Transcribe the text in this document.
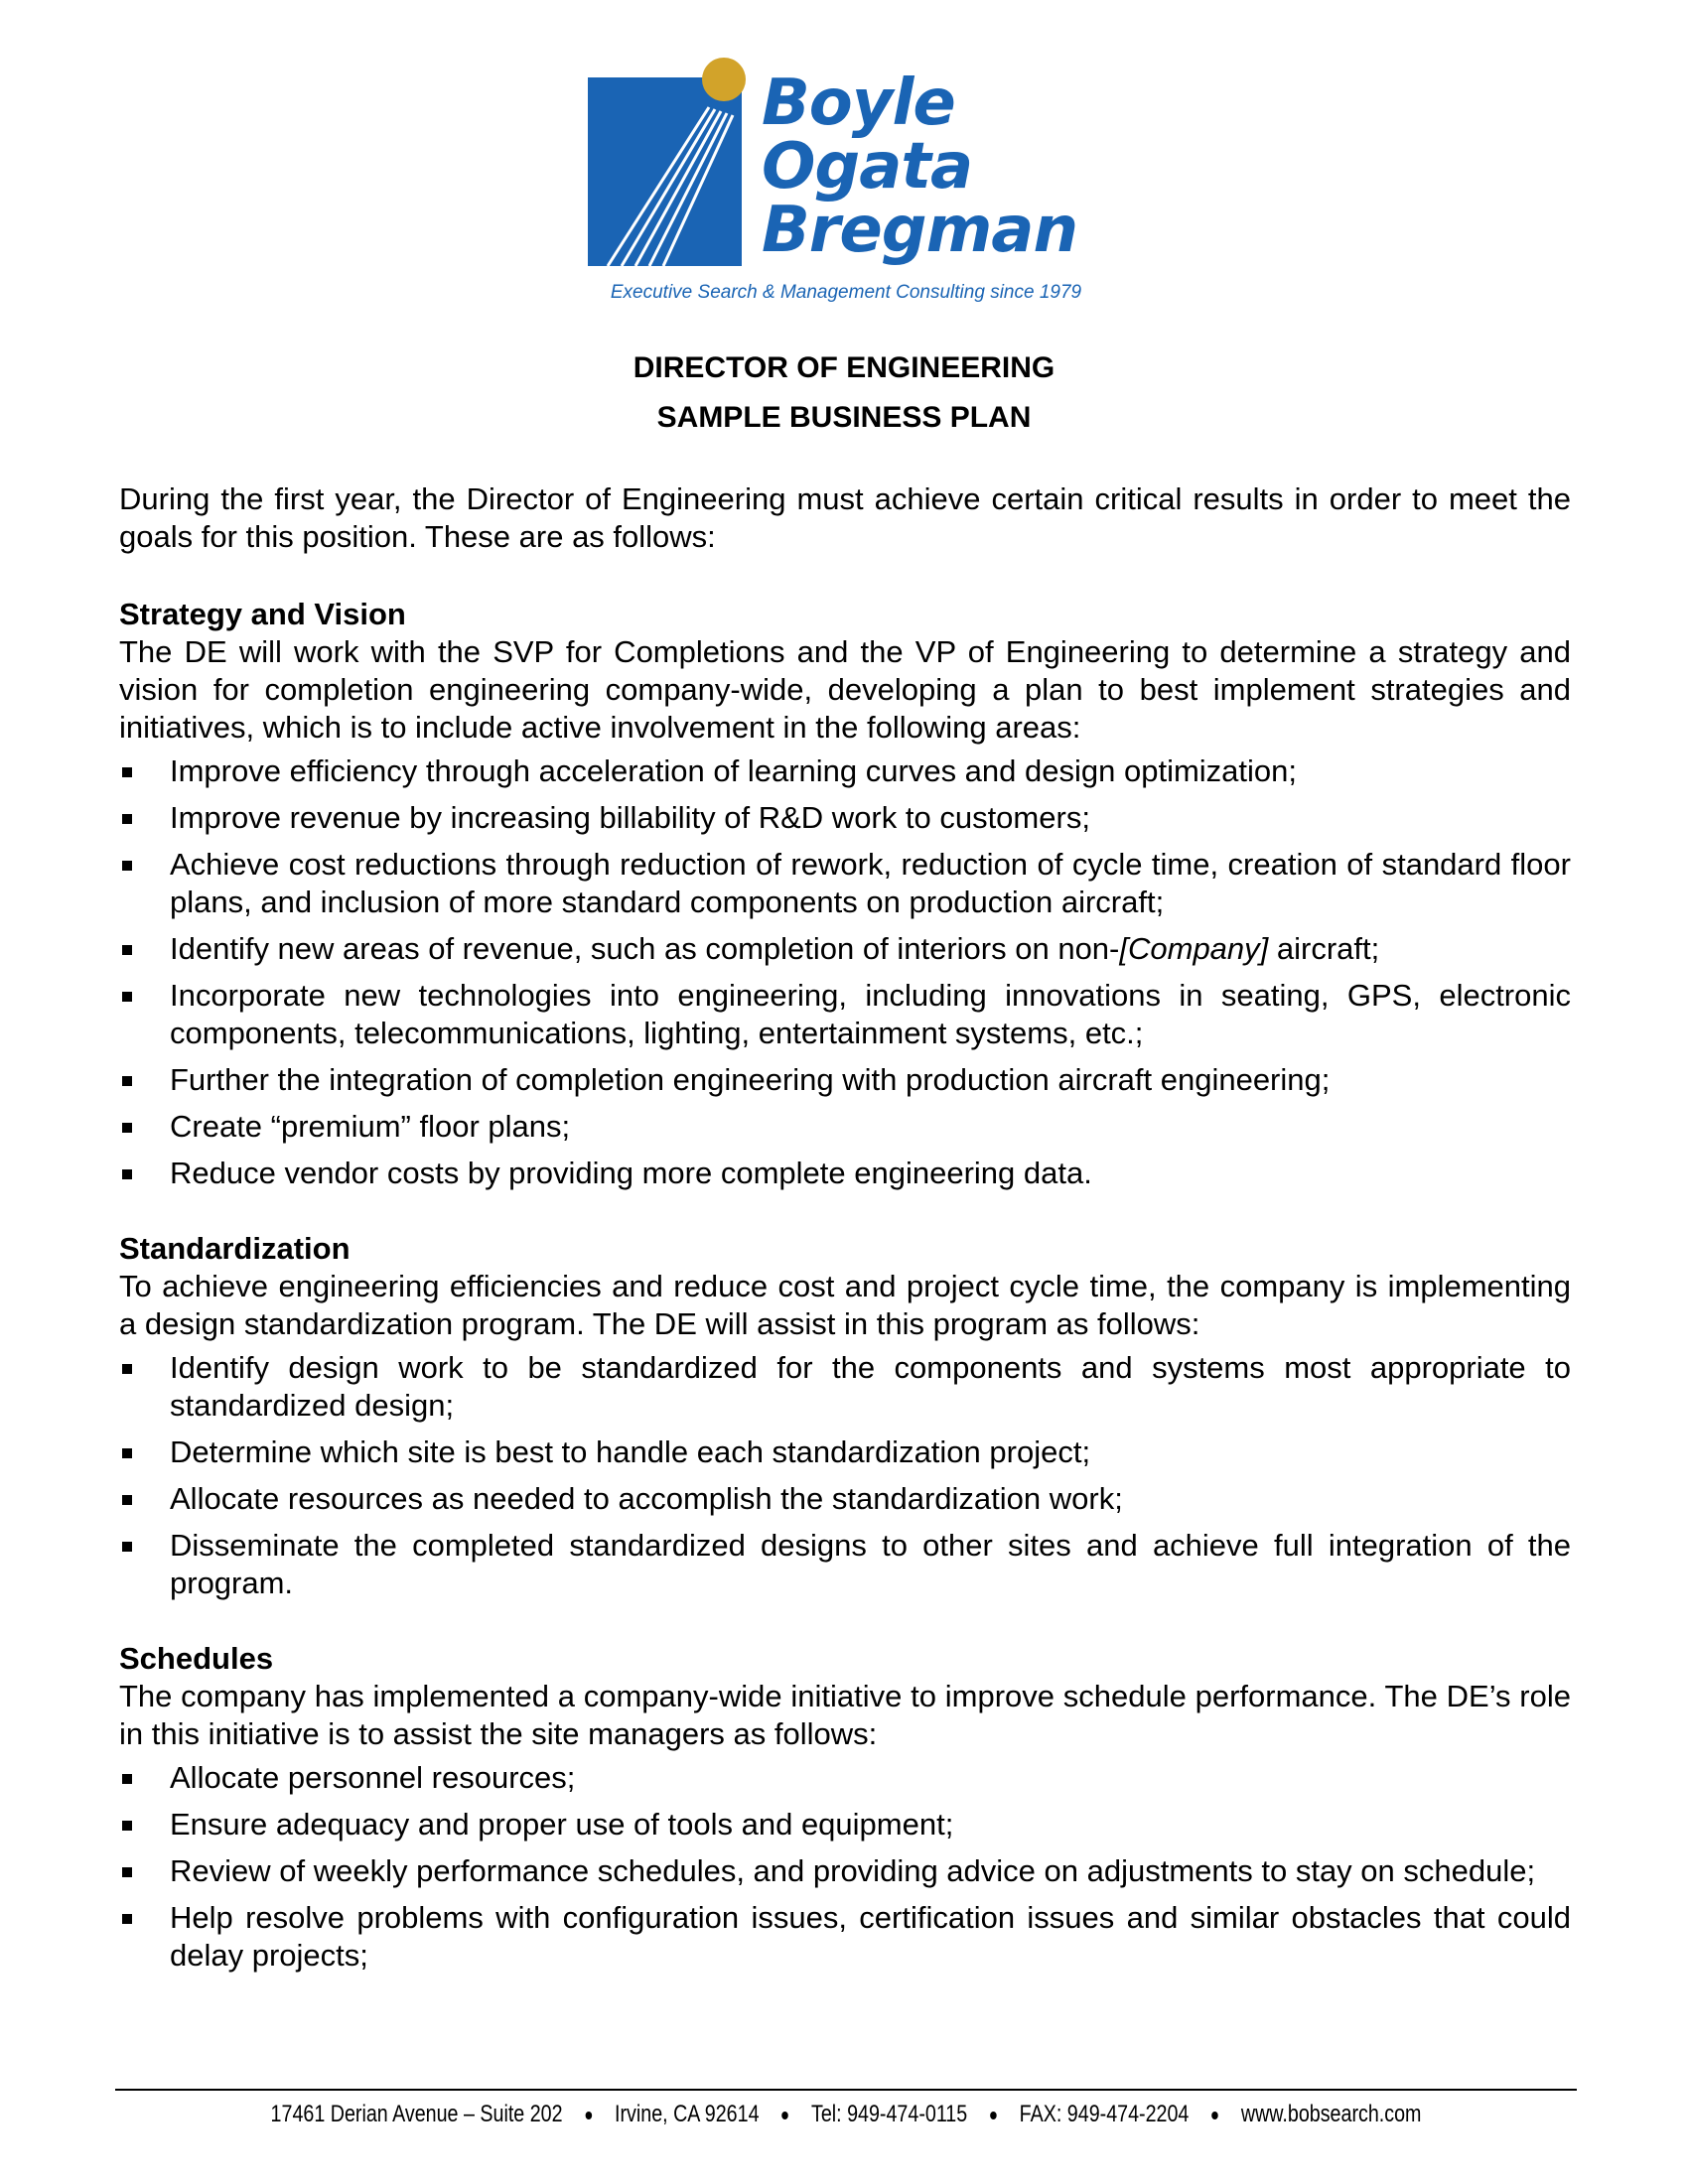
Boyle
Ogata
Bregman
Executive Search & Management Consulting since 1979
DIRECTOR OF ENGINEERING
SAMPLE BUSINESS PLAN

During the first year, the Director of Engineering must achieve certain critical results in order to meet the goals for this position. These are as follows:

Strategy and Vision

The DE will work with the SVP for Completions and the VP of Engineering to determine a strategy and vision for completion engineering company-wide, developing a plan to best implement strategies and initiatives, which is to include active involvement in the following areas:

Improve efficiency through acceleration of learning curves and design optimization;
Improve revenue by increasing billability of R&D work to customers;
Achieve cost reductions through reduction of rework, reduction of cycle time, creation of standard floor plans, and inclusion of more standard components on production aircraft;
Identify new areas of revenue, such as completion of interiors on non-[Company] aircraft;
Incorporate new technologies into engineering, including innovations in seating, GPS, electronic components, telecommunications, lighting, entertainment systems, etc.;
Further the integration of completion engineering with production aircraft engineering;
Create “premium” floor plans;
Reduce vendor costs by providing more complete engineering data.
Standardization

To achieve engineering efficiencies and reduce cost and project cycle time, the company is implementing a design standardization program. The DE will assist in this program as follows:

Identify design work to be standardized for the components and systems most appropriate to standardized design;
Determine which site is best to handle each standardization project;
Allocate resources as needed to accomplish the standardization work;
Disseminate the completed standardized designs to other sites and achieve full integration of the program.
Schedules

The company has implemented a company-wide initiative to improve schedule performance. The DE’s role in this initiative is to assist the site managers as follows:

Allocate personnel resources;
Ensure adequacy and proper use of tools and equipment;
Review of weekly performance schedules, and providing advice on adjustments to stay on schedule;
Help resolve problems with configuration issues, certification issues and similar obstacles that could delay projects;
17461 Derian Avenue – Suite 202 Irvine, CA 92614 Tel: 949-474-0115 FAX: 949-474-2204 www.bobsearch.com
